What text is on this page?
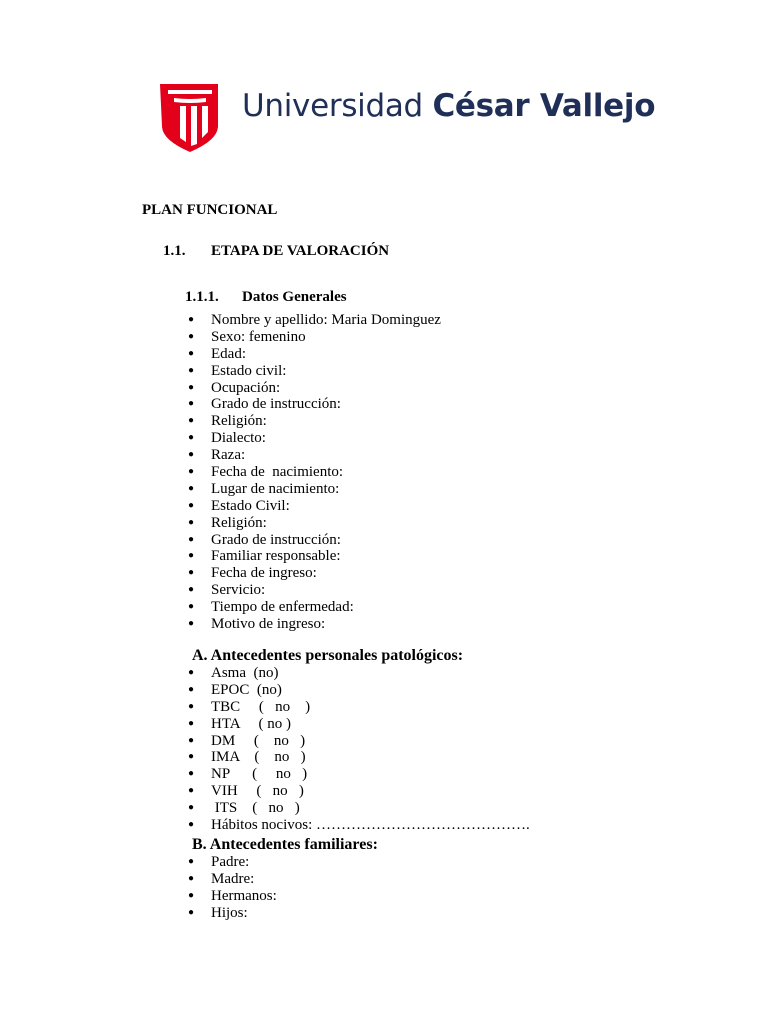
Universidad César Vallejo
PLAN FUNCIONAL
1.1. ETAPA DE VALORACIÓN
1.1.1. Datos Generales
● Nombre y apellido: Maria Dominguez
● Sexo: femenino
● Edad:
● Estado civil:
● Ocupación:
● Grado de instrucción:
● Religión:
● Dialecto:
● Raza:
● Fecha de  nacimiento:
● Lugar de nacimiento:
● Estado Civil:
● Religión:
● Grado de instrucción:
● Familiar responsable:
● Fecha de ingreso:
● Servicio:
● Tiempo de enfermedad:
● Motivo de ingreso:
A. Antecedentes personales patológicos:
● Asma  (no)
● EPOC  (no)
● TBC     (   no    )
● HTA     ( no )
● DM     (    no   )
● IMA    (    no   )
● NP      (     no   )
● VIH     (   no   )
● ITS    (   no   )
● Hábitos nocivos: …………………………………….
B. Antecedentes familiares:
● Padre:
● Madre:
● Hermanos:
● Hijos:
